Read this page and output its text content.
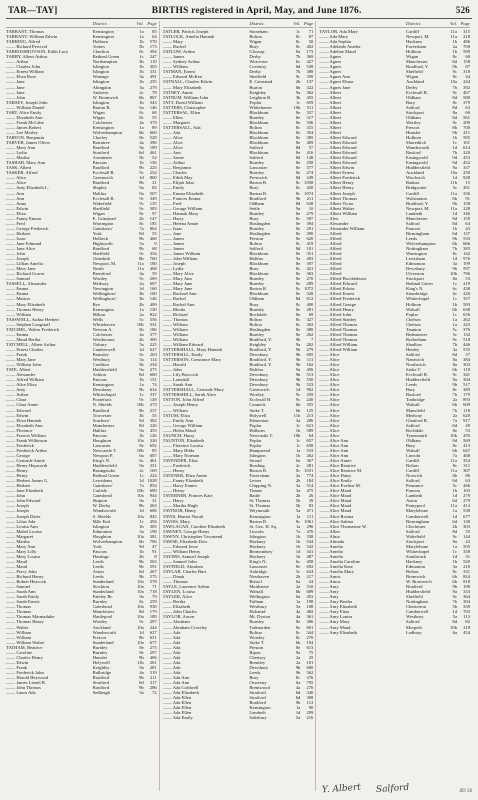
TAR—TAY]	BIRTHS registered in April, May, and June 1876.	526
District.	Vol. Page
TARRANT, Thomas	Kensington	1a	85
TARRANT, William Edwin	Kensington	1a	64
TARRING, Alfred	Holborn	1b	570
—— Richard Percival	Totnes	5b	173
TARROSSHOVSON, Edith Lucy	Chorlton	8c	394
TARRY, Albert Arthur	Bethnal Green	1c	247
—— Arthur	Northampton	3b	110
—— Charles John	Islington	1b	303
—— Ernest William	Islington	1b	331
—— Eliza Rose	Wantage	3a	491
—— Jane	Islington	1b	255
—— Jane	Abingdon	3a	279
—— Jane	Andover	2c	78
—— John	W. Bromwich	6b	867
TARSEY, Joseph John	Islington	1b	343
—— William Daniel	Barton R.	6a	146
TART, Alice Emily	Wigan	8c	68
—— Elizabeth Ann	Wigan	8c	55
—— Frank McCabe	Colchester	4a	379
—— James Robert	Kensington	1a	89
—— Lee Morley	Wolverhampton	6b	660
TARTON, Benjamin	Chorley	8e	528
TARVER, James Oliver	Braintree	4a	396
—— Mary Ann	Bradford	9a	189
—— Lydia	Stratford	6d	461
—— Martha	Axminster	5b	52
TASHAR, Mary Ann	Pancras	1b	156
TASK, Albert	Bradford	9b	225
TASKER, Alfred	Ecclesall B.	9c	254
—— Alice	Greenwich	1d	800
—— Alice	Bradford	9b	21
—— Amy Elizabeth L.	Shipley	9a	82
—— Ann	Halifax	9a	507
—— Ann	Ecclesall B.	9c	349
—— Anna	Wakefield	9c	135
—— Edwin	Sheffield	9c	383
—— Eliza	Wigan	8c	97
—— Fanny Emma	E. Grinstead	2b	147
—— Fred	Warrington	8c	185
—— George Frederick	Gainsboro'	7a	862
—— Herbert	York	9d	55
—— Isaac	Holbeck	9b	468
—— Jane Edmund	Highworth	5a	9
—— Jane Alice	Bradford	9b	68
—— John	Sheffield	9c	334
—— Joseph	Ormskirk	8b	760
—— Lillian Amelia	Newport, M.	11a	180
—— Mary Jane	Neath	11a	468
—— Richard Gower	Brentford	3a	59
—— Samuel	Wortley	9c	269
TASSELL, Alexander	Medway	2a	607
—— Emma	Newington	1d	160
—— Emma	Wellingboro'	3b	100
—— Marion	Wellingboro'	3b	146
—— Mary Elizabeth	Rye	2b	409
—— Thomas Henry	Kensington	1a	130
—— William	Milton	2a	822
TASSWELL, Arthur Herbert	Wells	5c	556
—— Stephen Longstaff	Whitehaven	10b	531
TATCHEL, Walter Frederick	Newton A.	5b	186
—— Emma	Colchester	4a	377
—— Maud Bertha	Westbourne	2b	300
TATCHELL, Albert Arthur	Tisbury	5a	225
—— Ernest Charles	Camberwell	1d	627
—— Frank	Barnsley	9c	263
—— Mary Jane	Westbury	5a	114
—— William John	Crediton	5b	234
TATE, Albert	Huddersfield	9a	275
—— Alexander	Ashton	8d	660
—— Alfred William	Paucras	1b	151
—— Alice Eliza	Kensington	1a	74
—— Amy	Dewsbury	9b	634
—— Arthur	Whitechapel	1c	337
—— Clara	Pontefract	9c	149
—— Clara Annie	N. Shields	10b	273
—— Edward	Bradford	9b	237
—— Edwin	Towcester	3b	55
—— Eliza Hannah	Scarboro'	9d	302
—— Elizabeth Ann	Manchester	8d	226
—— Florence	Halifax	9a	455
—— Francis William	Paucras	1b	126
—— Frank Wilkinson	Houghton	10a	326
—— Frederick	Lancaster	8e	692
—— Frederick Arthur	Newcastle T.	10b	85
—— George	Newport P.	6a	607
—— Gertrude Annie	King's N.	6c	461
—— Henry Hepworth	Huddersfield	9a	351
—— Henry	Basingstoke	2c	169
—— Henry	Bethnal Green	1c	224
—— Herbert James G.	Lewisham	1d 1028
—— Herbert	Gainsboro'	7a	854
—— Jane Elizabeth	Carlisle	10b	689
—— John	Gateshead	10a	944
—— John Edward	Skipton	9a	31
—— Joseph	W. Derby	8b	263
—— Joseph	Wandsworth	1d	606
—— Joseph Dales	S. Shields	10a	845
—— Lilias Ada	Mile End	1c	494
—— Louisa Ann	Islington	1b	305
—— Mabel Louisa	Edmonton	3a	198
—— Margaret	Houghton	10a	381
—— Martha	Wolverhampton	6b	706
—— Mary Ann	York	9d	47
—— Mary Lilly	Paucras	1b	91
—— Mary Louisa	Hastings	2b	8
—— Maud	Leeds	9b	563
—— Maud	Leeds	9b	591
—— Percy John	Aston	6d	267
—— Richard Henry	Leeds	9b	575
—— Robert Heacock	Sunderland	10a	578
—— Samuel	Stockton	10a	71
—— Sarah Ann	Sunderland	10a	718
—— Sarah Emily	Pateley Br.	9a	79
—— Sarah Ernest	Burnley	8c	259
—— Thomas	Gateshead	10a	930
—— Thomas	Manchester	8d	179
—— Thomas Marmaduke	Hartlepool	10a	189
—— Thomas Henry	Wortley	9c	297
—— Walter	Auckland	10a	244
—— William	Wandsworth	1d	627
—— William	Prescot	8b	651
—— William Walter	Sunderland	10a	677
TATHAM, Beatrice	Burnley	8e	275
—— Caroline	Burnley	8e	297
—— Charles Henry	Hunslet	9b	406
—— Edwin	Holywell	11b	261
—— Frank	Keighley	9a	281
—— Frederick John	Bulbridge	4a	519
—— Harold Heywood	Bradford	9b	211
—— James Lionel R.	Stratford	6d	317
—— John Thomas	Bradford	9b	286
—— Laura Ada	Sedbergh	9a	72
District.	Vol. Page
TATLER, Patrick Joseph	Stoneham	1c	71
TATLOCK, Amelia Hannah	Bolton	8c	87
—— Mary	Wigan	8c	50
—— Rachel	Bury	8c	402
TATLOW, Arthur	Glossop	8a	173
—— James	Derby	7b	369
—— Sydney Arthur	Worcester	6c	427
—— William	Coventry	6d	549
TATMAN, Ernest	Derby	7b	388
—— Edward McKee	Sheffield	9c	358
TATNALL, Charles Edwin	E. Grinstead	2b	137
—— Mary Elizabeth	Burton	6b	322
TATNEY, Annie	Keighley	9a	362
TATNUM, William John	Leighton B.	3b	455
TATT, David William	Poplar	1c	659
TATTERS, Christopher	Whitehaven	10b	511
TATTERSAL, Ellen	Blackburn	8e	337
—— Ellen	Burnley	8e	317
—— Margaret	Blackburn	8e	336
TATTERSALL, Ada	Bolton	8c	315
—— Ada	Blackburn	8e	354
—— Alice	Blackburn	8e	385
—— Alice	Blackburn	8e	409
—— Alice	Salford	8d	57
—— Ann	Blackburn	8e	416
—— Annie	Salford	8d	148
—— Arthur	Burnley	8e	258
—— Benjamin	Lancaster	8e	577
—— Charles	Burnley	8e	274
—— Edith May	Prestwich	8d	249
—— Elijah John	Barton R.	8c 1058
—— Emily	Bury	8c	420
—— Emma Elizabeth	Barton R.	8c 1074
—— Frances Emma	Bradford	9b	211
—— Fred	Oldham	8d	638
—— George William	Settle	9a	10
—— Hannah Mary	Burnley	8e	279
—— Harry	Bury	8c	397
—— Helena Annie	Haslingden	8e	394
—— Isaac	Burnley	8e	291
—— Jane	Haslingden	8e	390
—— James	Preston	8e	620
—— James	Bolton	8c	419
—— James	Salford	8d	101
—— James William	Blackburn	8e	351
—— John William	Halifax	9a	493
—— Joseph	Blackburn	8e	397
—— Lydia	Bury	8c	421
—— Mary Alice	Blackburn	8e	363
—— Mary Ann	Burnley	8e	270
—— Mary Jane	Burnley	8e	289
—— Mary Jane	Barton R.	8c 1072
—— Rachael Ann	Blackburn	8e	328
—— Rachel	Oldham	8d	612
—— Rachel Ann	Bury	8c	400
—— Rhoda	Burnley	8e	281
—— Richard	Rochdale	8e	69
—— Thomas	Bolton	8c	327
—— William	Bolton	8c	302
—— William	Haslingden	8e	380
—— William	Burnley	8e	262
—— William	Bradford, Y.	9b	7
—— William Edward	Keighley	9a	282
TATTERSHALL, Mary Hannah	Bradford, Y.	9b	279
TATTERSILL, Emily	Dewsbury	9b	695
TATTERSON, Constance Mary	Bradford, Y.	9b	111
—— Harold	Bradford, Y.	9b	162
—— John	Halifax	9a	456
—— Lily Boocock	Dewsbury	9b	513
—— Lonsdall	Dewsbury	9b	550
—— Sarah Ann	Dewsbury	9b	523
TATTERSHALL, Gertrude Mary	Greenwich	1d	902
TATTERSHILL, Sarah Alice	Wortley	9c	259
TATTON, John Alfred	Ecclesall B.	9c	240
—— Joseph Henry	Cannock	6b	355
—— William	Stoke T.	6b	125
TATUM, Eliza	Holywell	11b	213
—— Emily Ann	Edmonton	3a	206
—— George William	Poplar	1c	621
—— Helen Maud	Holborn	1b	589
TAUNCH, Harry	Newcastle T.	10b	64
TAUNTON, Elizabeth	Poplar	1c	657
—— Florence Louisa	Poplar	1c	658
—— Mary Hilda	Hampstead	1a	533
—— Mary Norman	Islington	1b	262
TAVENDER, Elias	Stroud	6a	367
—— Frederick	Reading	2c	281
—— Henry	Barton R.	8c 1031
TAVENER, Eliza Annie	Faversham	2a	774
—— Fanny Elizabeth	Lewes	2b	184
—— Harry Eames	Chipping N.	3a	514
—— Henry	Thame	3a	475
TAVERNER, Frances Kate	Battle	2b	26
—— Harry	St. Thomas	5b	39
—— Martha Hugh	St. Thomas	5b	83
TAVINOR, Henry	Weymouth	5a	471
TAVIS, Harriet Norah	Kensington	1a	111
TAVISS, Mary	Barton R.	8c 1061
TAWLAGAN, Caroline Elizabeth	St. Geo. H. Sq.	1a	296
TAWNEY, George Henry	Lincoln	7a	476
TAWNY, Christopher Townsend	Islington	1b	338
TAWSE, Elizabeth Dow	Hackney	1b	544
—— Edward Jesse	Hackney	1b	542
—— William Henry	Bermondsey	1d	341
TAYERS, Samuel Joseph	Hackney	1b	487
—— Samuel John	King's N.	6c	458
TAYFIELD, Absalom	Lancaster	8e	692
TAYLAR, Charles Burt	Axbridge	5c	624
—— Dinah	Newhaven	2b	217
—— Thomas	Bristol	6a	24
TAYLE, Laurence Arthur	Maidstone	2a	510
TAYLEN, Louisa	Walsall	6b	689
TAYLER, Alice	Wellington	6a	453
—— Bertha	Fulham	1a	198
—— Elizabeth	Westbury	5a	108
—— John Charles	Halstead	4a	482
TAYLOR, Aaron	Mt. Dyston	4a	361
—— Abraham	Burnley	8e	306
—— Abraham Crossley	Todmorden	8e	601
—— Ada	Bolton	8c	344
—— Ada	Worsley	8c	270
—— Ada	Stoke T.	6b	194
—— Ada	Preston	8e	613
—— Ada	Ripon	9a	75
—— Ada	Chertsey	2a	25
—— Ada	Brentley	2a	101
—— Ada	Dewsbury	9b	600
—— Ada	Leeds	9b	562
—— Ada Ann	Bury	8c	376
—— Ada Ann	Oswestry	6a	795
—— Ada Coldwell	Brentwood	4a	270
—— Ada Elizabeth	Stratford	6d	340
—— Ada Ellen	Stratford	6d	308
—— Ada Ellen	Bradford	9b	113
—— Ada Ellen	Kensington	1a	90
—— Ada Ellen	Lambeth	1d	299
—— Ada Emily	Salisbury	5a	216
District.	Vol. Page
TAYLOR, Ada Mary	Cardiff	11a	315
—— Ada Mary	Newport, M.	11a	218
—— Ada Sophia	Hackney	1b	486
—— Adelaide Amelia	Faversham	2a	700
—— Adeline Maud	Holborn	1b	599
—— Agnes	Wigan	8c	60
—— Agnes	Manchester	8d	158
—— Agnes	Bradford, Y.	9b	87
—— Agnes	Sheffield	9c	318
—— Agnes Ann	Wigan	8c	44
—— Agnes Elinor	Auckland	10a	244
—— Agnes Jane	Derby	7b	392
—— Albert	Ecclesall B.	9c	467
—— Albert	Oldham	8d	580
—— Albert	Bury	8c	379
—— Albert	Salford	8d	63
—— Albert	Stockport	8a	60
—— Albert	Oldham	8d	561
—— Albert	Wortley	9c	289
—— Albert	Prescot	8b	700
—— Albert	Hunslet	9b	411
—— Albert Edward	Holborn	1b	595
—— Albert Edward	Shoreditch	1c	101
—— Albert Edward	Wandsworth	1d	614
—— Albert Edward	Basford	7b	220
—— Albert Edward	Easingwold	9d	453
—— Albert Edward	Easingwold	9d	452
—— Albert Edwin	Huddersfield	9a	337
—— Albert Ernest	Auckland	10a	250
—— Albert Frederick	Woolwich	1d	928
—— Albert Henry	Radnor	11b	15
—— Albert Henry	Bridgwater	5c	301
—— Albert Joseph	Cardiff	11a	336
—— Albert Thomas	Wolstanton	6b	91
—— Albert Victor	Bradford, Y.	9b	158
—— Albert Walter	Newport, M.	11a	228
—— Albert William	Lambeth	1d	346
—— Alex	Manchester	8d	159
—— Alexander	Salford	8d	64
—— Alexander William	Pancras	1b	43
—— Alfred	Birmingham	6d	137
—— Alfred	Leeds	9b	533
—— Alfred	Wolverhampton	6b	666
—— Alfred	Nottingham	7b	385
—— Alfred	Warrington	8c	142
—— Alfred	Lewisham	1d	976
—— Alfred	Edmonton	3a	199
—— Alfred	Dewsbury	9b	597
—— Alfred	Ulverston	10b	796
—— Alfred Brocklehurst	Stockport	8a	53
—— Alfred Edward	Bethnal Green	1c	219
—— Alfred Edwin	King's N.	6c	438
—— Alfred Ernest	Stourbridge	6c	226
—— Alfred Frederick	Whitechapel	1c	357
—— Alfred George	Holborn	1b	593
—— Alfred Henry	Walsall	6b	638
—— Alfred John	Poplar	1c	656
—— Alfred Stanley	Chelsea	1a	262
—— Alfred Thomas	Chelsea	1a	243
—— Alfred Thomas	Taunton	5c	376
—— Alfred Thomas	Bedminster	5c	132
—— Alfred Thomas	Rotherham	9c	518
—— Alfred William	Shadlow	7b	446
—— Alfred William	Henley	3a	535
—— Alice	Salford	8d	37
—— Alice	Nantwich	8a	384
—— Alice	Northwich	8a	303
—— Alice	Stoke T.	6b	118
—— Alice	Ecclesall B.	9c	341
—— Alice	Huddersfield	9a	304
—— Alice	Leeds	9b	517
—— Alice	Bury	8c	389
—— Alice	Basford	7b	179
—— Alice	Tonbridge	2a	893
—— Alice	Walsall	6b	609
—— Alice	Mansfield	7b	118
—— Alice	Medway	2a	620
—— Alice	Glanford B.	7a	917
—— Alice	Salford	8d	49
—— Alice	Rochdale	8e	53
—— Alice	Tynemouth	10b	295
—— Alice Ann	Oldham	8d	569
—— Alice Ann	Bury	8c	413
—— Alice Ann	Walsall	6b	647
—— Alice Ann	Lincoln	7a	468
—— Alice Annie	Cardiff	11a	354
—— Alice Beatrice	Bolton	8c	311
—— Alice Beatrice M.	Cardiff	11a	307
—— Alice Daisy	Norwich	4b	86
—— Alice Emily	Salford	8d	63
—— Alice Eveline M.	Penzance	5c	266
—— Alice Maud	Pancras	1b	103
—— Alice Maud	Lambeth	1d	279
—— Alice Maud	Aston	6d	279
—— Alice Maud	Pontypool	11a	414
—— Alice Maud	Marylebone	1a	538
—— Alice Rosina	Camberwell	1d	677
—— Alice Sabina	Birmingham	6d	130
—— Alice Thomasine W.	Chichester	2b	303
—— Allen	Salford	8d	55
—— Alma	Wakefield	9c	144
—— Almeda	Stockport	8a	43
—— Amelia	Marylebone	1a	505
—— Amelia	Whitechapel	1c	358
—— Amelia	Southwark	1d	31
—— Amelia Caroline	Hackney	1b	520
—— Amelia Kate	Edmonton	3a	210
—— Amelia Mary	Bolton	8c	331
—— Amos	Bromwich	6b	824
—— Amos	W. Bromwich	6b	818
—— Amy	Bradford	9b	108
—— Amy	Huddersfield	9a	333
—— Amy	Sheffield	9c	364
—— Amy Bertha	Nottingham	7b	304
—— Amy Elizabeth	Chesterton	3b	339
—— Amy Eliza	Camberwell	1d	703
—— Amy Louisa	Westbury	5a	113
—— Amy Mary	Salford	8d	82
—— Amy Maud	Morpeth	10b	318
—— Amy Elizabeth	Ledbury	6a	454
Y. Albert Salford	8D 58
